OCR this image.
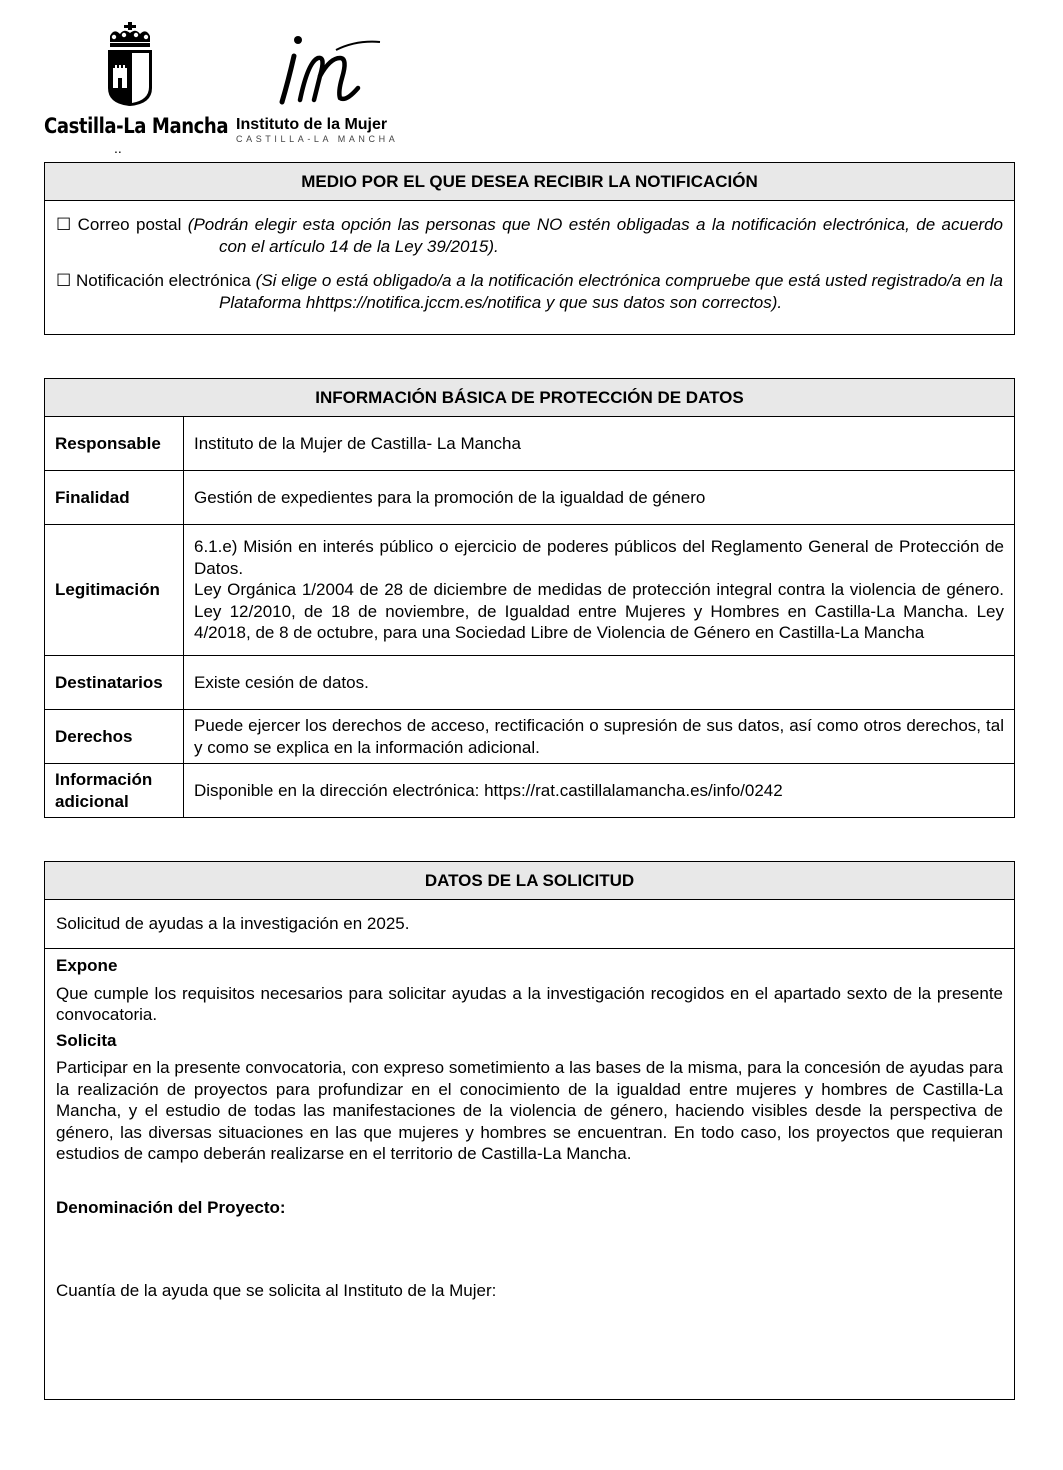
Castilla-La Mancha Instituto de la Mujer
CASTILLA-LA MANCHA
..
MEDIO POR EL QUE DESEA RECIBIR LA NOTIFICACIÓN
☐ Correo postal (Podrán elegir esta opción las personas que NO estén obligadas a la notificación electrónica, de acuerdo con el artículo 14 de la Ley 39/2015).
☐ Notificación electrónica (Si elige o está obligado/a a la notificación electrónica compruebe que está usted registrado/a en la Plataforma hhttps://notifica.jccm.es/notifica y que sus datos son correctos).
INFORMACIÓN BÁSICA DE PROTECCIÓN DE DATOS
Responsable	Instituto de la Mujer de Castilla- La Mancha
Finalidad	Gestión de expedientes para la promoción de la igualdad de género
Legitimación	6.1.e) Misión en interés público o ejercicio de poderes públicos del Reglamento General de Protección de Datos.
Ley Orgánica 1/2004 de 28 de diciembre de medidas de protección integral contra la violencia de género. Ley 12/2010, de 18 de noviembre, de Igualdad entre Mujeres y Hombres en Castilla-La Mancha. Ley 4/2018, de 8 de octubre, para una Sociedad Libre de Violencia de Género en Castilla-La Mancha

Destinatarios	Existe cesión de datos.
Derechos	Puede ejercer los derechos de acceso, rectificación o supresión de sus datos, así como otros derechos, tal y como se explica en la información adicional.
Información adicional	Disponible en la dirección electrónica: https://rat.castillalamancha.es/info/0242
DATOS DE LA SOLICITUD
Solicitud de ayudas a la investigación en 2025.
Expone
Que cumple los requisitos necesarios para solicitar ayudas a la investigación recogidos en el apartado sexto de la presente convocatoria.
Solicita
Participar en la presente convocatoria, con expreso sometimiento a las bases de la misma, para la concesión de ayudas para la realización de proyectos para profundizar en el conocimiento de la igualdad entre mujeres y hombres de Castilla-La Mancha, y el estudio de todas las manifestaciones de la violencia de género, haciendo visibles desde la perspectiva de género, las diversas situaciones en las que mujeres y hombres se encuentran. En todo caso, los proyectos que requieran estudios de campo deberán realizarse en el territorio de Castilla-La Mancha.
Denominación del Proyecto:
Cuantía de la ayuda que se solicita al Instituto de la Mujer:
